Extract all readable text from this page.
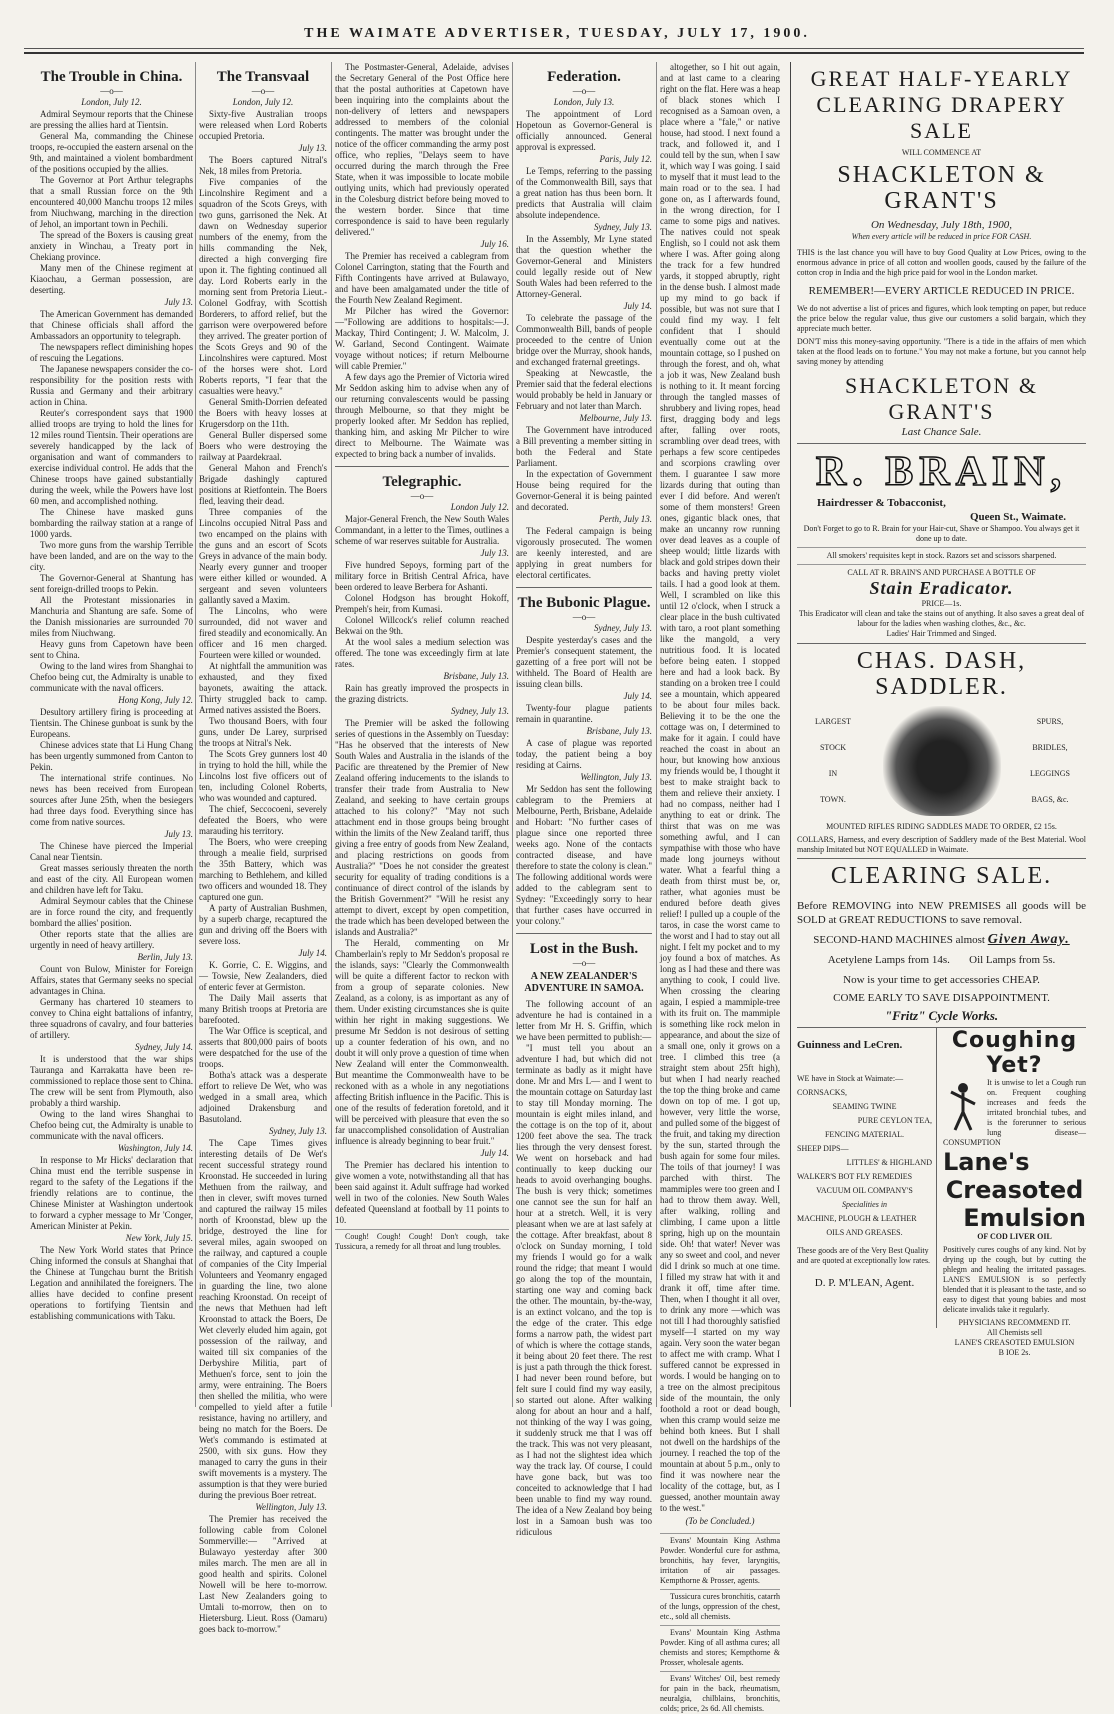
THE WAIMATE ADVERTISER, TUESDAY, JULY 17, 1900.
The Trouble in China.
—o—

London, July 12.

Admiral Seymour reports that the Chinese are pressing the allies hard at Tientsin.

General Ma, commanding the Chinese troops, re-occupied the eastern arsenal on the 9th, and maintained a violent bombardment of the positions occupied by the allies.

The Governor at Port Arthur telegraphs that a small Russian force on the 9th encountered 40,000 Manchu troops 12 miles from Niuchwang, marching in the direction of Jehol, an important town in Pechili.

The spread of the Boxers is causing great anxiety in Winchau, a Treaty port in Chekiang province.

Many men of the Chinese regiment at Kiaochau, a German possession, are deserting.

July 13.

The American Government has demanded that Chinese officials shall afford the Ambassadors an opportunity to telegraph.

The newspapers reflect diminishing hopes of rescuing the Legations.

The Japanese newspapers consider the co-responsibility for the position rests with Russia and Germany and their arbitrary action in China.

Reuter's correspondent says that 1900 allied troops are trying to hold the lines for 12 miles round Tientsin. Their operations are severely handicapped by the lack of organisation and want of commanders to exercise individual control. He adds that the Chinese troops have gained substantially during the week, while the Powers have lost 60 men, and accomplished nothing.

The Chinese have masked guns bombarding the railway station at a range of 1000 yards.

Two more guns from the warship Terrible have been landed, and are on the way to the city.

The Governor-General at Shantung has sent foreign-drilled troops to Pekin.

All the Protestant missionaries in Manchuria and Shantung are safe. Some of the Danish missionaries are surrounded 70 miles from Niuchwang.

Heavy guns from Capetown have been sent to China.

Owing to the land wires from Shanghai to Chefoo being cut, the Admiralty is unable to communicate with the naval officers.

Hong Kong, July 12.

Desultory artillery firing is proceeding at Tientsin. The Chinese gunboat is sunk by the Europeans.

Chinese advices state that Li Hung Chang has been urgently summoned from Canton to Pekin.

The international strife continues. No news has been received from European sources after June 25th, when the besiegers had three days food. Everything since has come from native sources.

July 13.

The Chinese have pierced the Imperial Canal near Tientsin.

Great masses seriously threaten the north and east of the city. All European women and children have left for Taku.

Admiral Seymour cables that the Chinese are in force round the city, and frequently bombard the allies' position.

Other reports state that the allies are urgently in need of heavy artillery.

Berlin, July 13.

Count von Bulow, Minister for Foreign Affairs, states that Germany seeks no special advantages in China.

Germany has chartered 10 steamers to convey to China eight battalions of infantry, three squadrons of cavalry, and four batteries of artillery.

Sydney, July 14.

It is understood that the war ships Tauranga and Karrakatta have been re-commissioned to replace those sent to China. The crew will be sent from Plymouth, also probably a third warship.

Owing to the land wires Shanghai to Chefoo being cut, the Admiralty is unable to communicate with the naval officers.

Washington, July 14.

In response to Mr Hicks' declaration that China must end the terrible suspense in regard to the safety of the Legations if the friendly relations are to continue, the Chinese Minister at Washington undertook to forward a cypher message to Mr 'Conger, American Minister at Pekin.

New York, July 15.

The New York World states that Prince Ching informed the consuls at Shanghai that the Chinese at Tungchau burnt the British Legation and annihilated the foreigners. The allies have decided to confine present operations to fortifying Tientsin and establishing communications with Taku.

The Transvaal
—o—

London, July 12.

Sixty-five Australian troops were released when Lord Roberts occupied Pretoria.

July 13.

The Boers captured Nitral's Nek, 18 miles from Pretoria.

Five companies of the Lincolnshire Regiment and a squadron of the Scots Greys, with two guns, garrisoned the Nek. At dawn on Wednesday superior numbers of the enemy, from the hills commanding the Nek, directed a high converging fire upon it. The fighting continued all day. Lord Roberts early in the morning sent from Pretoria Lieut.-Colonel Godfray, with Scottish Borderers, to afford relief, but the garrison were overpowered before they arrived. The greater portion of the Scots Greys and 90 of the Lincolnshires were captured. Most of the horses were shot. Lord Roberts reports, "I fear that the casualties were heavy."

General Smith-Dorrien defeated the Boers with heavy losses at Krugersdorp on the 11th.

General Buller dispersed some Boers who were destroying the railway at Paardekraal.

General Mahon and French's Brigade dashingly captured positions at Rietfontein. The Boers fled, leaving their dead.

Three companies of the Lincolns occupied Nitral Pass and two encamped on the plains with the guns and an escort of Scots Greys in advance of the main body. Nearly every gunner and trooper were either killed or wounded. A sergeant and seven volunteers gallantly saved a Maxim.

The Lincolns, who were surrounded, did not waver and fired steadily and economically. An officer and 16 men charged. Fourteen were killed or wounded.

At nightfall the ammunition was exhausted, and they fixed bayonets, awaiting the attack. Thirty struggled back to camp. Armed natives assisted the Boers.

Two thousand Boers, with four guns, under De Larey, surprised the troops at Nitral's Nek.

The Scots Grey gunners lost 40 in trying to hold the hill, while the Lincolns lost five officers out of ten, including Colonel Roberts, who was wounded and captured.

The chief, Seccocoeni, severely defeated the Boers, who were marauding his territory.

The Boers, who were creeping through a mealie field, surprised the 35th Battery, which was marching to Bethlehem, and killed two officers and wounded 18. They captured one gun.

A party of Australian Bushmen, by a superb charge, recaptured the gun and driving off the Boers with severe loss.

July 14.

K. Gorrie, C. E. Wiggins, and — Towsie, New Zealanders, died of enteric fever at Germiston.

The Daily Mail asserts that many British troops at Pretoria are barefooted.

The War Office is sceptical, and asserts that 800,000 pairs of boots were despatched for the use of the troops.

Botha's attack was a desperate effort to relieve De Wet, who was wedged in a small area, which adjoined Drakensburg and Basutoland.

Sydney, July 13.

The Cape Times gives interesting details of De Wet's recent successful strategy round Kroonstad. He succeeded in luring Methuen from the railway, and then in clever, swift moves turned and captured the railway 15 miles north of Kroonstad, blew up the bridge, destroyed the line for several miles, again swooped on the railway, and captured a couple of companies of the City Imperial Volunteers and Yeomanry engaged in guarding the line, two alone reaching Kroonstad. On receipt of the news that Methuen had left Kroonstad to attack the Boers, De Wet cleverly eluded him again, got possession of the railway, and waited till six companies of the Derbyshire Militia, part of Methuen's force, sent to join the army, were entraining. The Boers then shelled the militia, who were compelled to yield after a futile resistance, having no artillery, and being no match for the Boers. De Wet's commando is estimated at 2500, with six guns. How they managed to carry the guns in their swift movements is a mystery. The assumption is that they were buried during the previous Boer retreat.

Wellington, July 13.

The Premier has received the following cable from Colonel Sommerville:— "Arrived at Bulawayo yesterday after 300 miles march. The men are all in good health and spirits. Colonel Nowell will be here to-morrow. Last New Zealanders going to Umtali to-morrow, then on to Hietersburg. Lieut. Ross (Oamaru) goes back to-morrow."

The Postmaster-General, Adelaide, advises the Secretary General of the Post Office here that the postal authorities at Capetown have been inquiring into the complaints about the non-delivery of letters and newspapers addressed to members of the colonial contingents. The matter was brought under the notice of the officer commanding the army post office, who replies, "Delays seem to have occurred during the march through the Free State, when it was impossible to locate mobile outlying units, which had previously operated in the Colesburg district before being moved to the western border. Since that time correspondence is said to have been regularly delivered."

July 16.

The Premier has received a cablegram from Colonel Carrington, stating that the Fourth and Fifth Contingents have arrived at Bulawayo, and have been amalgamated under the title of the Fourth New Zealand Regiment.

Mr Pilcher has wired the Governor:—"Following are additions to hospitals:—J. Mackay, Third Contingent; J. W. Malcolm, J. W. Garland, Second Contingent. Waimate voyage without notices; if return Melbourne will cable Premier."

A few days ago the Premier of Victoria wired Mr Seddon asking him to advise when any of our returning convalescents would be passing through Melbourne, so that they might be properly looked after. Mr Seddon has replied, thanking him, and asking Mr Pilcher to wire direct to Melbourne. The Waimate was expected to bring back a number of invalids.

Telegraphic.
—o—

London July 12.

Major-General French, the New South Wales Commandant, in a letter to the Times, outlines a scheme of war reserves suitable for Australia.

July 13.

Five hundred Sepoys, forming part of the military force in British Central Africa, have been ordered to leave Berbera for Ashanti.

Colonel Hodgson has brought Hokoff, Prempeh's heir, from Kumasi.

Colonel Willcock's relief column reached Bekwai on the 9th.

At the wool sales a medium selection was offered. The tone was exceedingly firm at late rates.

Brisbane, July 13.

Rain has greatly improved the prospects in the grazing districts.

Sydney, July 13.

The Premier will be asked the following series of questions in the Assembly on Tuesday: "Has he observed that the interests of New South Wales and Australia in the islands of the Pacific are threatened by the Premier of New Zealand offering inducements to the islands to transfer their trade from Australia to New Zealand, and seeking to have certain groups attached to his colony?" "May not such attachment end in those groups being brought within the limits of the New Zealand tariff, thus giving a free entry of goods from New Zealand, and placing restrictions on goods from Australia?" "Does he not consider the greatest security for equality of trading conditions is a continuance of direct control of the islands by the British Government?" "Will he resist any attempt to divert, except by open competition, the trade which has been developed between the islands and Australia?"

The Herald, commenting on Mr Chamberlain's reply to Mr Seddon's proposal re the islands, says: "Clearly the Commonwealth will be quite a different factor to reckon with from a group of separate colonies. New Zealand, as a colony, is as important as any of them. Under existing circumstances she is quite within her right in making suggestions. We presume Mr Seddon is not desirous of setting up a counter federation of his own, and no doubt it will only prove a question of time when New Zealand will enter the Commonwealth. But meantime the Commonwealth have to be reckoned with as a whole in any negotiations affecting British influence in the Pacific. This is one of the results of federation foretold, and it will be perceived with pleasure that even the so far unaccomplished consolidation of Australian influence is already beginning to bear fruit."

July 14.

The Premier has declared his intention to give women a vote, notwithstanding all that has been said against it. Adult suffrage had worked well in two of the colonies. New South Wales defeated Queensland at football by 11 points to 10.

Cough! Cough! Cough! Don't cough, take Tussicura, a remedy for all throat and lung troubles.

Federation.
—o—

London, July 13.

The appointment of Lord Hopetoun as Governor-General is officially announced. General approval is expressed.

Paris, July 12.

Le Temps, referring to the passing of the Commonwealth Bill, says that a great nation has thus been born. It predicts that Australia will claim absolute independence.

Sydney, July 13.

In the Assembly, Mr Lyne stated that the question whether the Governor-General and Ministers could legally reside out of New South Wales had been referred to the Attorney-General.

July 14.

To celebrate the passage of the Commonwealth Bill, bands of people proceeded to the centre of Union bridge over the Murray, shook hands, and exchanged fraternal greetings.

Speaking at Newcastle, the Premier said that the federal elections would probably be held in January or February and not later than March.

Melbourne, July 13.

The Government have introduced a Bill preventing a member sitting in both the Federal and State Parliament.

In the expectation of Government House being required for the Governor-General it is being painted and decorated.

Perth, July 13.

The Federal campaign is being vigorously prosecuted. The women are keenly interested, and are applying in great numbers for electoral certificates.

The Bubonic Plague.
—o—

Sydney, July 13.

Despite yesterday's cases and the Premier's consequent statement, the gazetting of a free port will not be withheld. The Board of Health are issuing clean bills.

July 14.

Twenty-four plague patients remain in quarantine.

Brisbane, July 13.

A case of plague was reported today, the patient being a boy residing at Cairns.

Wellington, July 13.

Mr Seddon has sent the following cablegram to the Premiers at Melbourne, Perth, Brisbane, Adelaide and Hobart: "No further cases of plague since one reported three weeks ago. None of the contacts contracted disease, and have therefore to state the colony is clean." The following additional words were added to the cablegram sent to Sydney: "Exceedingly sorry to hear that further cases have occurred in your colony."

Lost in the Bush.
—o—
A NEW ZEALANDER'S ADVENTURE IN SAMOA.

The following account of an adventure he had is contained in a letter from Mr H. S. Griffin, which we have been permitted to publish:—

"I must tell you about an adventure I had, but which did not terminate as badly as it might have done. Mr and Mrs L— and I went to the mountain cottage on Saturday last to stay till Monday morning. The mountain is eight miles inland, and the cottage is on the top of it, about 1200 feet above the sea. The track lies through the very densest forest. We went on horseback and had continually to keep ducking our heads to avoid overhanging boughs. The bush is very thick; sometimes one cannot see the sun for half an hour at a stretch. Well, it is very pleasant when we are at last safely at the cottage. After breakfast, about 8 o'clock on Sunday morning, I told my friends I would go for a walk round the ridge; that meant I would go along the top of the mountain, starting one way and coming back the other. The mountain, by-the-way, is an extinct volcano, and the top is the edge of the crater. This edge forms a narrow path, the widest part of which is where the cottage stands, it being about 20 feet there. The rest is just a path through the thick forest. I had never been round before, but felt sure I could find my way easily, so started out alone. After walking along for about an hour and a half, not thinking of the way I was going, it suddenly struck me that I was off the track. This was not very pleasant, as I had not the slightest idea which way the track lay. Of course, I could have gone back, but was too conceited to acknowledge that I had been unable to find my way round. The idea of a New Zealand boy being lost in a Samoan bush was too ridiculous

altogether, so I hit out again, and at last came to a clearing right on the flat. Here was a heap of black stones which I recognised as a Samoan oven, a place where a "fale," or native house, had stood. I next found a track, and followed it, and I could tell by the sun, when I saw it, which way I was going. I said to myself that it must lead to the main road or to the sea. I had gone on, as I afterwards found, in the wrong direction, for I came to some pigs and natives. The natives could not speak English, so I could not ask them where I was. After going along the track for a few hundred yards, it stopped abruptly, right in the dense bush. I almost made up my mind to go back if possible, but was not sure that I could find my way. I felt confident that I should eventually come out at the mountain cottage, so I pushed on through the forest, and oh, what a job it was, New Zealand bush is nothing to it. It meant forcing through the tangled masses of shrubbery and living ropes, head first, dragging body and legs after, falling over roots, scrambling over dead trees, with perhaps a few score centipedes and scorpions crawling over them. I guarantee I saw more lizards during that outing than ever I did before. And weren't some of them monsters! Green ones, gigantic black ones, that make an uncanny row running over dead leaves as a couple of sheep would; little lizards with black and gold stripes down their backs and having pretty violet tails. I had a good look at them. Well, I scrambled on like this until 12 o'clock, when I struck a clear place in the bush cultivated with taro, a root plant something like the mangold, a very nutritious food. It is located before being eaten. I stopped here and had a look back. By standing on a broken tree I could see a mountain, which appeared to be about four miles back. Believing it to be the one the cottage was on, I determined to make for it again. I could have reached the coast in about an hour, but knowing how anxious my friends would be, I thought it best to make straight back to them and relieve their anxiety. I had no compass, neither had I anything to eat or drink. The thirst that was on me was something awful, and I can sympathise with those who have made long journeys without water. What a fearful thing a death from thirst must be, or, rather, what agonies must be endured before death gives relief! I pulled up a couple of the taros, in case the worst came to the worst and I had to stay out all night. I felt my pocket and to my joy found a box of matches. As long as I had these and there was anything to cook, I could live. When crossing the clearing again, I espied a mammiple-tree with its fruit on. The mammiple is something like rock melon in appearance, and about the size of a small one, only it grows on a tree. I climbed this tree (a straight stem about 25ft high), but when I had nearly reached the top the thing broke and came down on top of me. I got up, however, very little the worse, and pulled some of the biggest of the fruit, and taking my direction by the sun, started through the bush again for some four miles. The toils of that journey! I was parched with thirst. The mammiples were too green and I had to throw them away. Well, after walking, rolling and climbing, I came upon a little spring, high up on the mountain side. Oh! that water! Never was any so sweet and cool, and never did I drink so much at one time. I filled my straw hat with it and drank it off, time after time. Then, when I thought it all over, to drink any more —which was not till I had thoroughly satisfied myself—I started on my way again. Very soon the water began to affect me with cramp. What I suffered cannot be expressed in words. I would be hanging on to a tree on the almost precipitous side of the mountain, the only foothold a root or dead bough, when this cramp would seize me behind both knees. But I shall not dwell on the hardships of the journey. I reached the top of the mountain at about 5 p.m., only to find it was nowhere near the locality of the cottage, but, as I guessed, another mountain away to the west."

(To be Concluded.)

Evans' Mountain King Asthma Powder. Wonderful cure for asthma, bronchitis, hay fever, laryngitis, irritation of air passages. Kempthorne & Prosser, agents.

Tussicura cures bronchitis, catarrh of the lungs, oppression of the chest, etc., sold all chemists.

Evans' Mountain King Asthma Powder. King of all asthma cures; all chemists and stores; Kempthorne & Prosser, wholesale agents.

Evans' Witches' Oil, best remedy for pain in the back, rheumatism, neuralgia, chilblains, bronchitis, colds; price, 2s 6d. All chemists.

GREAT HALF-YEARLY
CLEARING DRAPERY SALE
WILL COMMENCE AT
SHACKLETON & GRANT'S
On Wednesday, July 18th, 1900,
When every article will be reduced in price FOR CASH.
THIS is the last chance you will have to buy Good Quality at Low Prices, owing to the enormous advance in price of all cotton and woollen goods, caused by the failure of the cotton crop in India and the high price paid for wool in the London market.
REMEMBER!—EVERY ARTICLE REDUCED IN PRICE.
We do not advertise a list of prices and figures, which look tempting on paper, but reduce the price below the regular value, thus give our customers a solid bargain, which they appreciate much better.
DON'T miss this money-saving opportunity. "There is a tide in the affairs of men which taken at the flood leads on to fortune." You may not make a fortune, but you cannot help saving money by attending
SHACKLETON & GRANT'S
Last Chance Sale.
R. BRAIN,
Hairdresser & Tobacconist,
Queen St., Waimate.
Don't Forget to go to R. Brain for your Hair-cut, Shave or Shampoo. You always get it done up to date.
All smokers' requisites kept in stock. Razors set and scissors sharpened.
CALL AT R. BRAIN'S AND PURCHASE A BOTTLE OF
Stain Eradicator.
PRICE—1s.
This Eradicator will clean and take the stains out of anything. It also saves a great deal of labour for the ladies when washing clothes, &c., &c.
Ladies' Hair Trimmed and Singed.
CHAS. DASH, SADDLER.
LARGEST
STOCK
IN
TOWN.
SPURS,
BRIDLES,
LEGGINGS
BAGS, &c.
MOUNTED RIFLES RIDING SADDLES MADE TO ORDER, £2 15s.
COLLARS, Harness, and every description of Saddlery made of the Best Material. Wool manship Imitated but NOT EQUALLED in Waimate.
CLEARING SALE.
Before REMOVING into NEW PREMISES all goods will be SOLD at GREAT REDUCTIONS to save removal.
SECOND-HAND MACHINES almost Given Away.
Acetylene Lamps from 14s.       Oil Lamps from 5s.
Now is your time to get accessories CHEAP.
COME EARLY TO SAVE DISAPPOINTMENT.
"Fritz" Cycle Works.
Guinness and LeCren.

WE have in Stock at Waimate:—
CORNSACKS,
SEAMING TWINE
PURE CEYLON TEA,
FENCING MATERIAL.
SHEEP DIPS—
LITTLES' & HIGHLAND
WALKER'S BOT FLY REMEDIES
VACUUM OIL COMPANY'S
Specialities in
MACHINE, PLOUGH & LEATHER
OILS AND GREASES.
These goods are of the Very Best Quality and are quoted at exceptionally low rates.
D. P. M'LEAN, Agent.
Coughing Yet?
It is unwise to let a Cough run on. Frequent coughing increases and feeds the irritated bronchial tubes, and is the forerunner to serious lung disease—CONSUMPTION
Lane's
Creasoted
Emulsion
OF COD LIVER OIL
Positively cures coughs of any kind. Not by drying up the cough, but by cutting the phlegm and healing the irritated passages. LANE'S EMULSION is so perfectly blended that it is pleasant to the taste, and so easy to digest that young babies and most delicate invalids take it regularly.
PHYSICIANS RECOMMEND IT.
All Chemists sell
LANE'S CREASOTED EMULSION
B IOE 2s.
